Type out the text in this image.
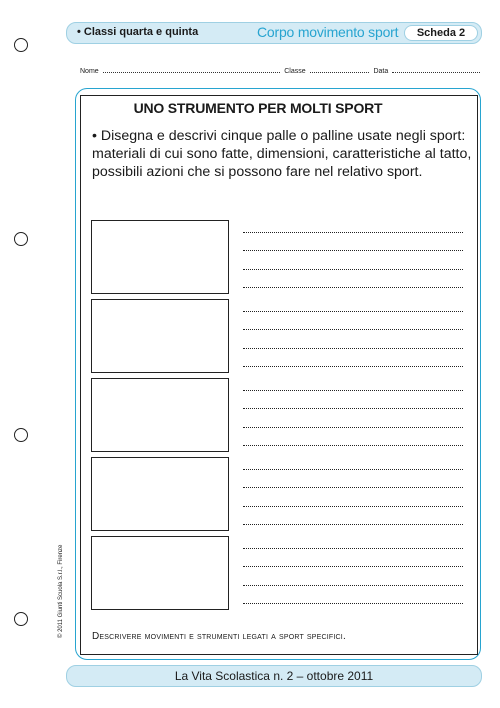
• Classi quarta e quinta	Corpo movimento sport	Scheda 2
Nome	Classe	Data
UNO STRUMENTO PER MOLTI SPORT
• Disegna e descrivi cinque palle o palline usate negli sport: materiali di cui sono fatte, dimensioni, caratteristiche al tatto, possibili azioni che si possono fare nel relativo sport.
Descrivere movimenti e strumenti legati a sport specifici.
© 2011 Giunti Scuola S.r.l., Firenze
La Vita Scolastica n. 2 – ottobre 2011
